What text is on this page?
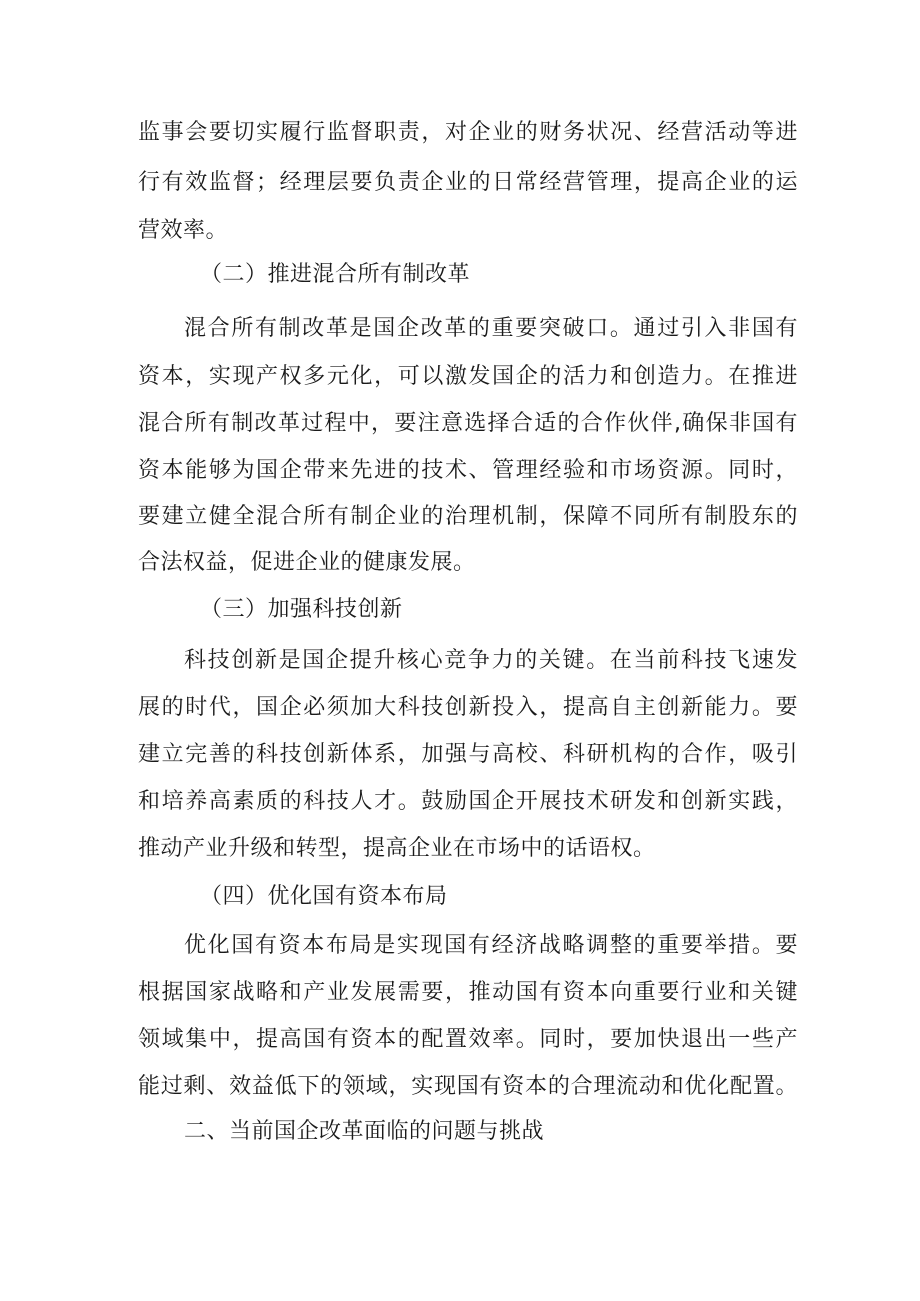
监事会要切实履行监督职责，对企业的财务状况、经营活动等进
行有效监督；经理层要负责企业的日常经营管理，提高企业的运
营效率。
（二）推进混合所有制改革
混合所有制改革是国企改革的重要突破口。通过引入非国有
资本，实现产权多元化，可以激发国企的活力和创造力。在推进
混合所有制改革过程中，要注意选择合适的合作伙伴,确保非国有
资本能够为国企带来先进的技术、管理经验和市场资源。同时，
要建立健全混合所有制企业的治理机制，保障不同所有制股东的
合法权益，促进企业的健康发展。
（三）加强科技创新
科技创新是国企提升核心竞争力的关键。在当前科技飞速发
展的时代，国企必须加大科技创新投入，提高自主创新能力。要
建立完善的科技创新体系，加强与高校、科研机构的合作，吸引
和培养高素质的科技人才。鼓励国企开展技术研发和创新实践，
推动产业升级和转型，提高企业在市场中的话语权。
（四）优化国有资本布局
优化国有资本布局是实现国有经济战略调整的重要举措。要
根据国家战略和产业发展需要，推动国有资本向重要行业和关键
领域集中，提高国有资本的配置效率。同时，要加快退出一些产
能过剩、效益低下的领域，实现国有资本的合理流动和优化配置。
二、当前国企改革面临的问题与挑战
